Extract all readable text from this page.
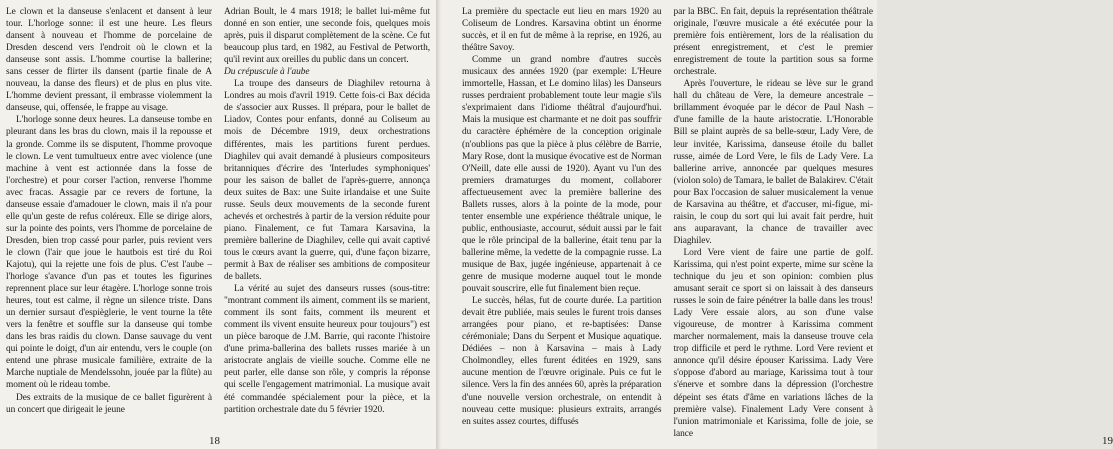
Le clown et la danseuse s'enlacent et dansent à leur tour. L'horloge sonne: il est une heure. Les fleurs dansent à nouveau et l'homme de porcelaine de Dresden descend vers l'endroit où le clown et la danseuse sont assis. L'homme courtise la ballerine; sans cesser de flirter ils dansent (partie finale de A nouveau, la danse des fleurs) et de plus en plus vite. L'homme devient pressant, il embrasse violemment la danseuse, qui, offensée, le frappe au visage.

L'horloge sonne deux heures. La danseuse tombe en pleurant dans les bras du clown, mais il la repousse et la gronde. Comme ils se disputent, l'homme provoque le clown. Le vent tumultueux entre avec violence (une machine à vent est actionnée dans la fosse de l'orchestre) et pour corser l'action, renverse l'homme avec fracas. Assagie par ce revers de fortune, la danseuse essaie d'amadouer le clown, mais il n'a pour elle qu'un geste de refus coléreux. Elle se dirige alors, sur la pointe des points, vers l'homme de porcelaine de Dresden, bien trop cassé pour parler, puis revient vers le clown (l'air que joue le hautbois est tiré du Roi Kajotu), qui la rejette une fois de plus. C'est l'aube – l'horloge s'avance d'un pas et toutes les figurines reprennent place sur leur étagère. L'horloge sonne trois heures, tout est calme, il règne un silence triste. Dans un dernier sursaut d'espièglerie, le vent tourne la tête vers la fenêtre et souffle sur la danseuse qui tombe dans les bras raidis du clown. Danse sauvage du vent qui pointe le doigt, d'un air entendu, vers le couple (on entend une phrase musicale familière, extraite de la Marche nuptiale de Mendelssohn, jouée par la flûte) au moment où le rideau tombe.

Des extraits de la musique de ce ballet figurèrent à un concert que dirigeait le jeune

Adrian Boult, le 4 mars 1918; le ballet lui-même fut donné en son entier, une seconde fois, quelques mois après, puis il disparut complètement de la scène. Ce fut beaucoup plus tard, en 1982, au Festival de Petworth, qu'il revint aux oreilles du public dans un concert.

Du crépuscule à l'aube

La troupe des danseurs de Diaghilev retourna à Londres au mois d'avril 1919. Cette fois-ci Bax décida de s'associer aux Russes. Il prépara, pour le ballet de Liadov, Contes pour enfants, donné au Coliseum au mois de Décembre 1919, deux orchestrations différentes, mais les partitions furent perdues. Diaghilev qui avait demandé à plusieurs compositeurs britanniques d'écrire des 'Interludes symphoniques' pour les saison de ballet de l'après-guerre, annonça deux suites de Bax: une Suite irlandaise et une Suite russe. Seuls deux mouvements de la seconde furent achevés et orchestrés à partir de la version réduite pour piano. Finalement, ce fut Tamara Karsavina, la première ballerine de Diaghilev, celle qui avait captivé tous le cœurs avant la guerre, qui, d'une façon bizarre, permit à Bax de réaliser ses ambitions de compositeur de ballets.

La vérité au sujet des danseurs russes (sous-titre: "montrant comment ils aiment, comment ils se marient, comment ils sont faits, comment ils meurent et comment ils vivent ensuite heureux pour toujours") est un pièce baroque de J.M. Barrie, qui raconte l'histoire d'une prima-ballerina des ballets russes mariée à un aristocrate anglais de vieille souche. Comme elle ne peut parler, elle danse son rôle, y compris la réponse qui scelle l'engagement matrimonial. La musique avait été commandée spécialement pour la pièce, et la partition orchestrale date du 5 février 1920.

18

La première du spectacle eut lieu en mars 1920 au Coliseum de Londres. Karsavina obtint un énorme succès, et il en fut de même à la reprise, en 1926, au théâtre Savoy.

Comme un grand nombre d'autres succès musicaux des années 1920 (par exemple: L'Heure immortelle, Hassan, et Le domino lilas) les Danseurs russes perdraient probablement toute leur magie s'ils s'exprimaient dans l'idiome théâtral d'aujourd'hui. Mais la musique est charmante et ne doit pas souffrir du caractère éphémère de la conception originale (n'oublions pas que la pièce à plus célèbre de Barrie, Mary Rose, dont la musique évocative est de Norman O'Neill, date elle aussi de 1920). Ayant vu l'un des premiers dramaturges du moment, collaborer affectueusement avec la première ballerine des Ballets russes, alors à la pointe de la mode, pour tenter ensemble une expérience théâtrale unique, le public, enthousiaste, accourut, séduit aussi par le fait que le rôle principal de la ballerine, était tenu par la ballerine même, la vedette de la compagnie russe. La musique de Bax, jugée ingénieuse, appartenait à ce genre de musique moderne auquel tout le monde pouvait souscrire, elle fut finalement bien reçue.

Le succès, hélas, fut de courte durée. La partition devait être publiée, mais seules le furent trois danses arrangées pour piano, et re-baptisées: Danse cérémoniale; Dans du Serpent et Musique aquatique. Dédiées – non à Karsavina – mais à Lady Cholmondley, elles furent éditées en 1929, sans aucune mention de l'œuvre originale. Puis ce fut le silence. Vers la fin des années 60, après la préparation d'une nouvelle version orchestrale, on entendit à nouveau cette musique: plusieurs extraits, arrangés en suites assez courtes, diffusés

par la BBC. En fait, depuis la représentation théâtrale originale, l'œuvre musicale a été exécutée pour la première fois entièrement, lors de la réalisation du présent enregistrement, et c'est le premier enregistrement de toute la partition sous sa forme orchestrale.

Après l'ouverture, le rideau se lève sur le grand hall du château de Vere, la demeure ancestrale – brillamment évoquée par le décor de Paul Nash – d'une famille de la haute aristocratie. L'Honorable Bill se plaint auprès de sa belle-sœur, Lady Vere, de leur invitée, Karissima, danseuse étoile du ballet russe, aimée de Lord Vere, le fils de Lady Vere. La ballerine arrive, annoncée par quelques mesures (violon solo) de Tamara, le ballet de Balakirev. C'était pour Bax l'occasion de saluer musicalement la venue de Karsavina au théâtre, et d'accuser, mi-figue, mi-raisin, le coup du sort qui lui avait fait perdre, huit ans auparavant, la chance de travailler avec Diaghilev.

Lord Vere vient de faire une partie de golf. Karissima, qui n'est point experte, mime sur scène la technique du jeu et son opinion: combien plus amusant serait ce sport si on laissait à des danseurs russes le soin de faire pénétrer la balle dans les trous! Lady Vere essaie alors, au son d'une valse vigoureuse, de montrer à Karissima comment marcher normalement, mais la danseuse trouve cela trop difficile et perd le rythme. Lord Vere revient et annonce qu'il désire épouser Karissima. Lady Vere s'oppose d'abord au mariage, Karissima tout à tour s'énerve et sombre dans la dépression (l'orchestre dépeint ses états d'âme en variations lâches de la première valse). Finalement Lady Vere consent à l'union matrimoniale et Karissima, folle de joie, se lance

19
